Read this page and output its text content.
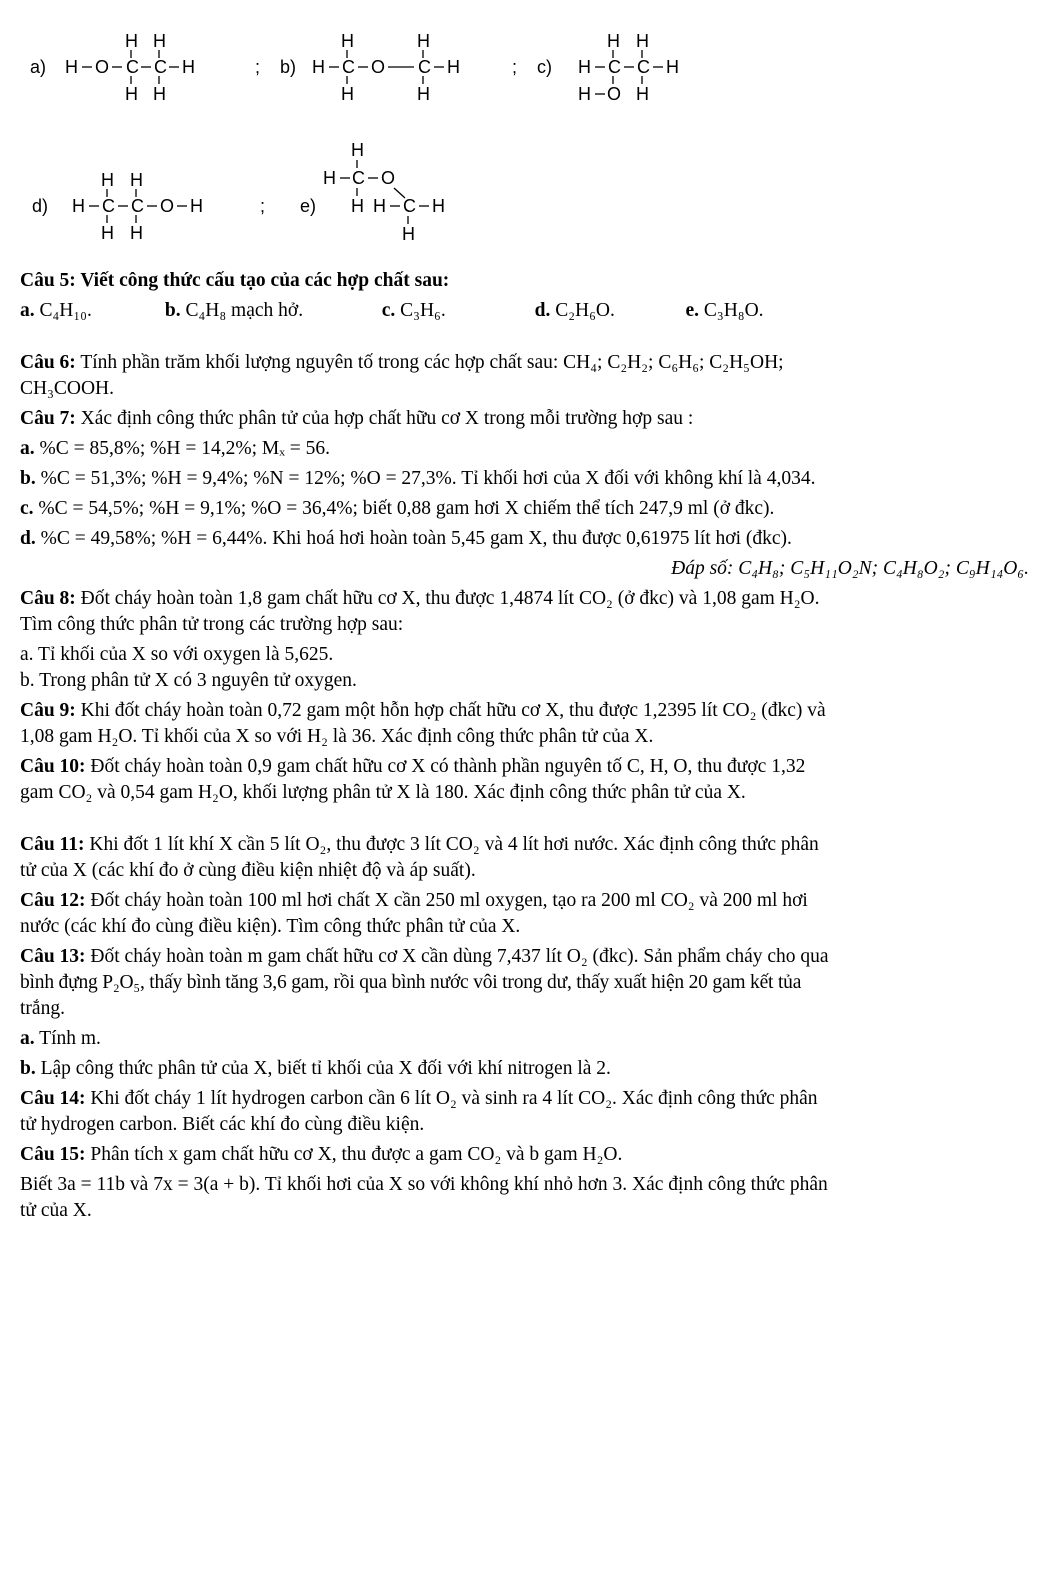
a) H O C
H
H
C
H
H
H	; b) H C
H
H
O C
H
H
H	; c) H C
H
O
H
C
H
H
H
d) H C
H
H
C
H
H
O H	; e)
H
C
H	O
H H C H
H

Câu 5: Viết công thức cấu tạo của các hợp chất sau:

a. C₄H₁₀.	b. C₄H₈ mạch hở.	c. C₃H₆.	d. C₂H₆O.	e. C₃H₈O.

Câu 6: Tính phần trăm khối lượng nguyên tố trong các hợp chất sau: CH₄; C₂H₂; C₆H₆; C₂H₅OH;

CH₃COOH.

Câu 7: Xác định công thức phân tử của hợp chất hữu cơ X trong mỗi trường hợp sau :

a. %C = 85,8%; %H = 14,2%; Mₓ = 56.

b. %C = 51,3%; %H = 9,4%; %N = 12%; %O = 27,3%. Tỉ khối hơi của X đối với không khí là 4,034.

c. %C = 54,5%; %H = 9,1%; %O = 36,4%; biết 0,88 gam hơi X chiếm thể tích 247,9 ml (ở đkc).

d. %C = 49,58%; %H = 6,44%. Khi hoá hơi hoàn toàn 5,45 gam X, thu được 0,61975 lít hơi (đkc).

Đáp số: C₄H₈; C₅H₁₁O₂N; C₄H₈O₂; C₉H₁₄O₆.

Câu 8: Đốt cháy hoàn toàn 1,8 gam chất hữu cơ X, thu được 1,4874 lít CO₂ (ở đkc) và 1,08 gam H₂O.

Tìm công thức phân tử trong các trường hợp sau:

a. Tỉ khối của X so với oxygen là 5,625.

b. Trong phân tử X có 3 nguyên tử oxygen.

Câu 9: Khi đốt cháy hoàn toàn 0,72 gam một hỗn hợp chất hữu cơ X, thu được 1,2395 lít CO₂ (đkc) và

1,08 gam H₂O. Tỉ khối của X so với H₂ là 36. Xác định công thức phân tử của X.

Câu 10: Đốt cháy hoàn toàn 0,9 gam chất hữu cơ X có thành phần nguyên tố C, H, O, thu được 1,32

gam CO₂ và 0,54 gam H₂O, khối lượng phân tử X là 180. Xác định công thức phân tử của X.

Câu 11: Khi đốt 1 lít khí X cần 5 lít O₂, thu được 3 lít CO₂ và 4 lít hơi nước. Xác định công thức phân

tử của X (các khí đo ở cùng điều kiện nhiệt độ và áp suất).

Câu 12: Đốt cháy hoàn toàn 100 ml hơi chất X cần 250 ml oxygen, tạo ra 200 ml CO₂ và 200 ml hơi

nước (các khí đo cùng điều kiện). Tìm công thức phân tử của X.

Câu 13: Đốt cháy hoàn toàn m gam chất hữu cơ X cần dùng 7,437 lít O₂ (đkc). Sản phẩm cháy cho qua

bình đựng P₂O₅, thấy bình tăng 3,6 gam, rồi qua bình nước vôi trong dư, thấy xuất hiện 20 gam kết tủa

trắng.

a. Tính m.

b. Lập công thức phân tử của X, biết tỉ khối của X đối với khí nitrogen là 2.

Câu 14: Khi đốt cháy 1 lít hydrogen carbon cần 6 lít O₂ và sinh ra 4 lít CO₂. Xác định công thức phân

tử hydrogen carbon. Biết các khí đo cùng điều kiện.

Câu 15: Phân tích x gam chất hữu cơ X, thu được a gam CO₂ và b gam H₂O.

Biết 3a = 11b và 7x = 3(a + b). Tỉ khối hơi của X so với không khí nhỏ hơn 3. Xác định công thức phân

tử của X.
